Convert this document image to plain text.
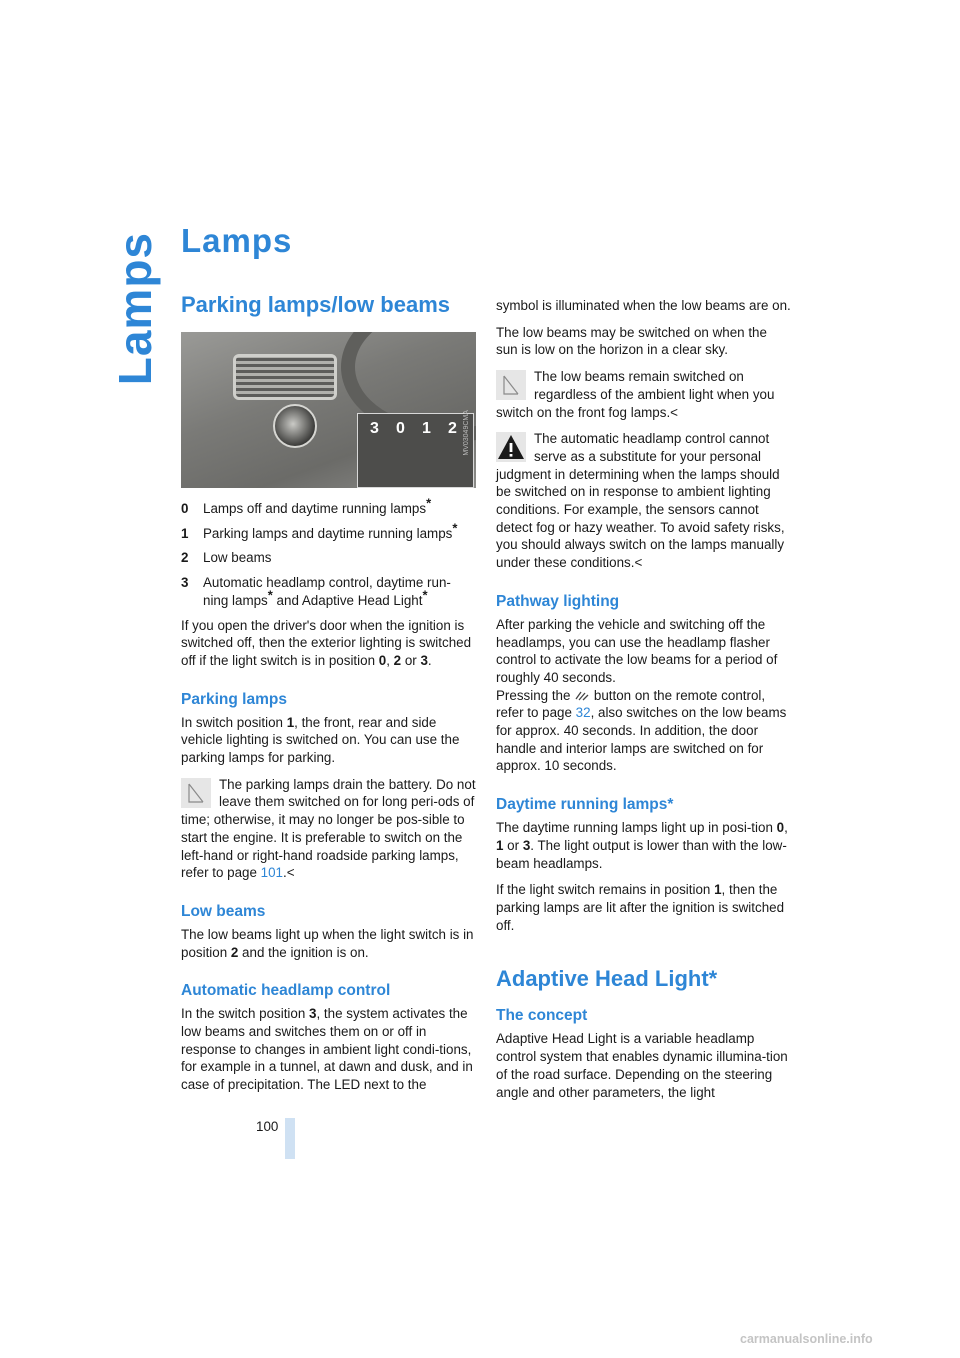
Lamps Lamps
Parking lamps/low beams
3 0 1 2 MV03049CMA
0	Lamps off and daytime running lamps*
1	Parking lamps and daytime running lamps*
2	Low beams
3	Automatic headlamp control, daytime run-ning lamps* and Adaptive Head Light*

If you open the driver's door when the ignition is switched off, then the exterior lighting is switched off if the light switch is in position 0, 2 or 3.

Parking lamps

In switch position 1, the front, rear and side vehicle lighting is switched on. You can use the parking lamps for parking.

The parking lamps drain the battery. Do not leave them switched on for long peri-ods of time; otherwise, it may no longer be pos-sible to start the engine. It is preferable to switch on the left-hand or right-hand roadside parking lamps, refer to page 101.<
Low beams

The low beams light up when the light switch is in position 2 and the ignition is on.

Automatic headlamp control

In the switch position 3, the system activates the low beams and switches them on or off in response to changes in ambient light condi-tions, for example in a tunnel, at dawn and dusk, and in case of precipitation. The LED next to the

symbol is illuminated when the low beams are on.

The low beams may be switched on when the sun is low on the horizon in a clear sky.

The low beams remain switched on regardless of the ambient light when you switch on the front fog lamps.<
The automatic headlamp control cannot serve as a substitute for your personal judgment in determining when the lamps should be switched on in response to ambient lighting conditions. For example, the sensors cannot detect fog or hazy weather. To avoid safety risks, you should always switch on the lamps manually under these conditions.<
Pathway lighting

After parking the vehicle and switching off the headlamps, you can use the headlamp flasher control to activate the low beams for a period of roughly 40 seconds.

Pressing the  button on the remote control, refer to page 32, also switches on the low beams for approx. 40 seconds. In addition, the door handle and interior lamps are switched on for approx. 10 seconds.

Daytime running lamps*

The daytime running lamps light up in posi-tion 0, 1 or 3. The light output is lower than with the low-beam headlamps.

If the light switch remains in position 1, then the parking lamps are lit after the ignition is switched off.

Adaptive Head Light*
The concept

Adaptive Head Light is a variable headlamp control system that enables dynamic illumina-tion of the road surface. Depending on the steering angle and other parameters, the light

100
carmanualsonline.info
